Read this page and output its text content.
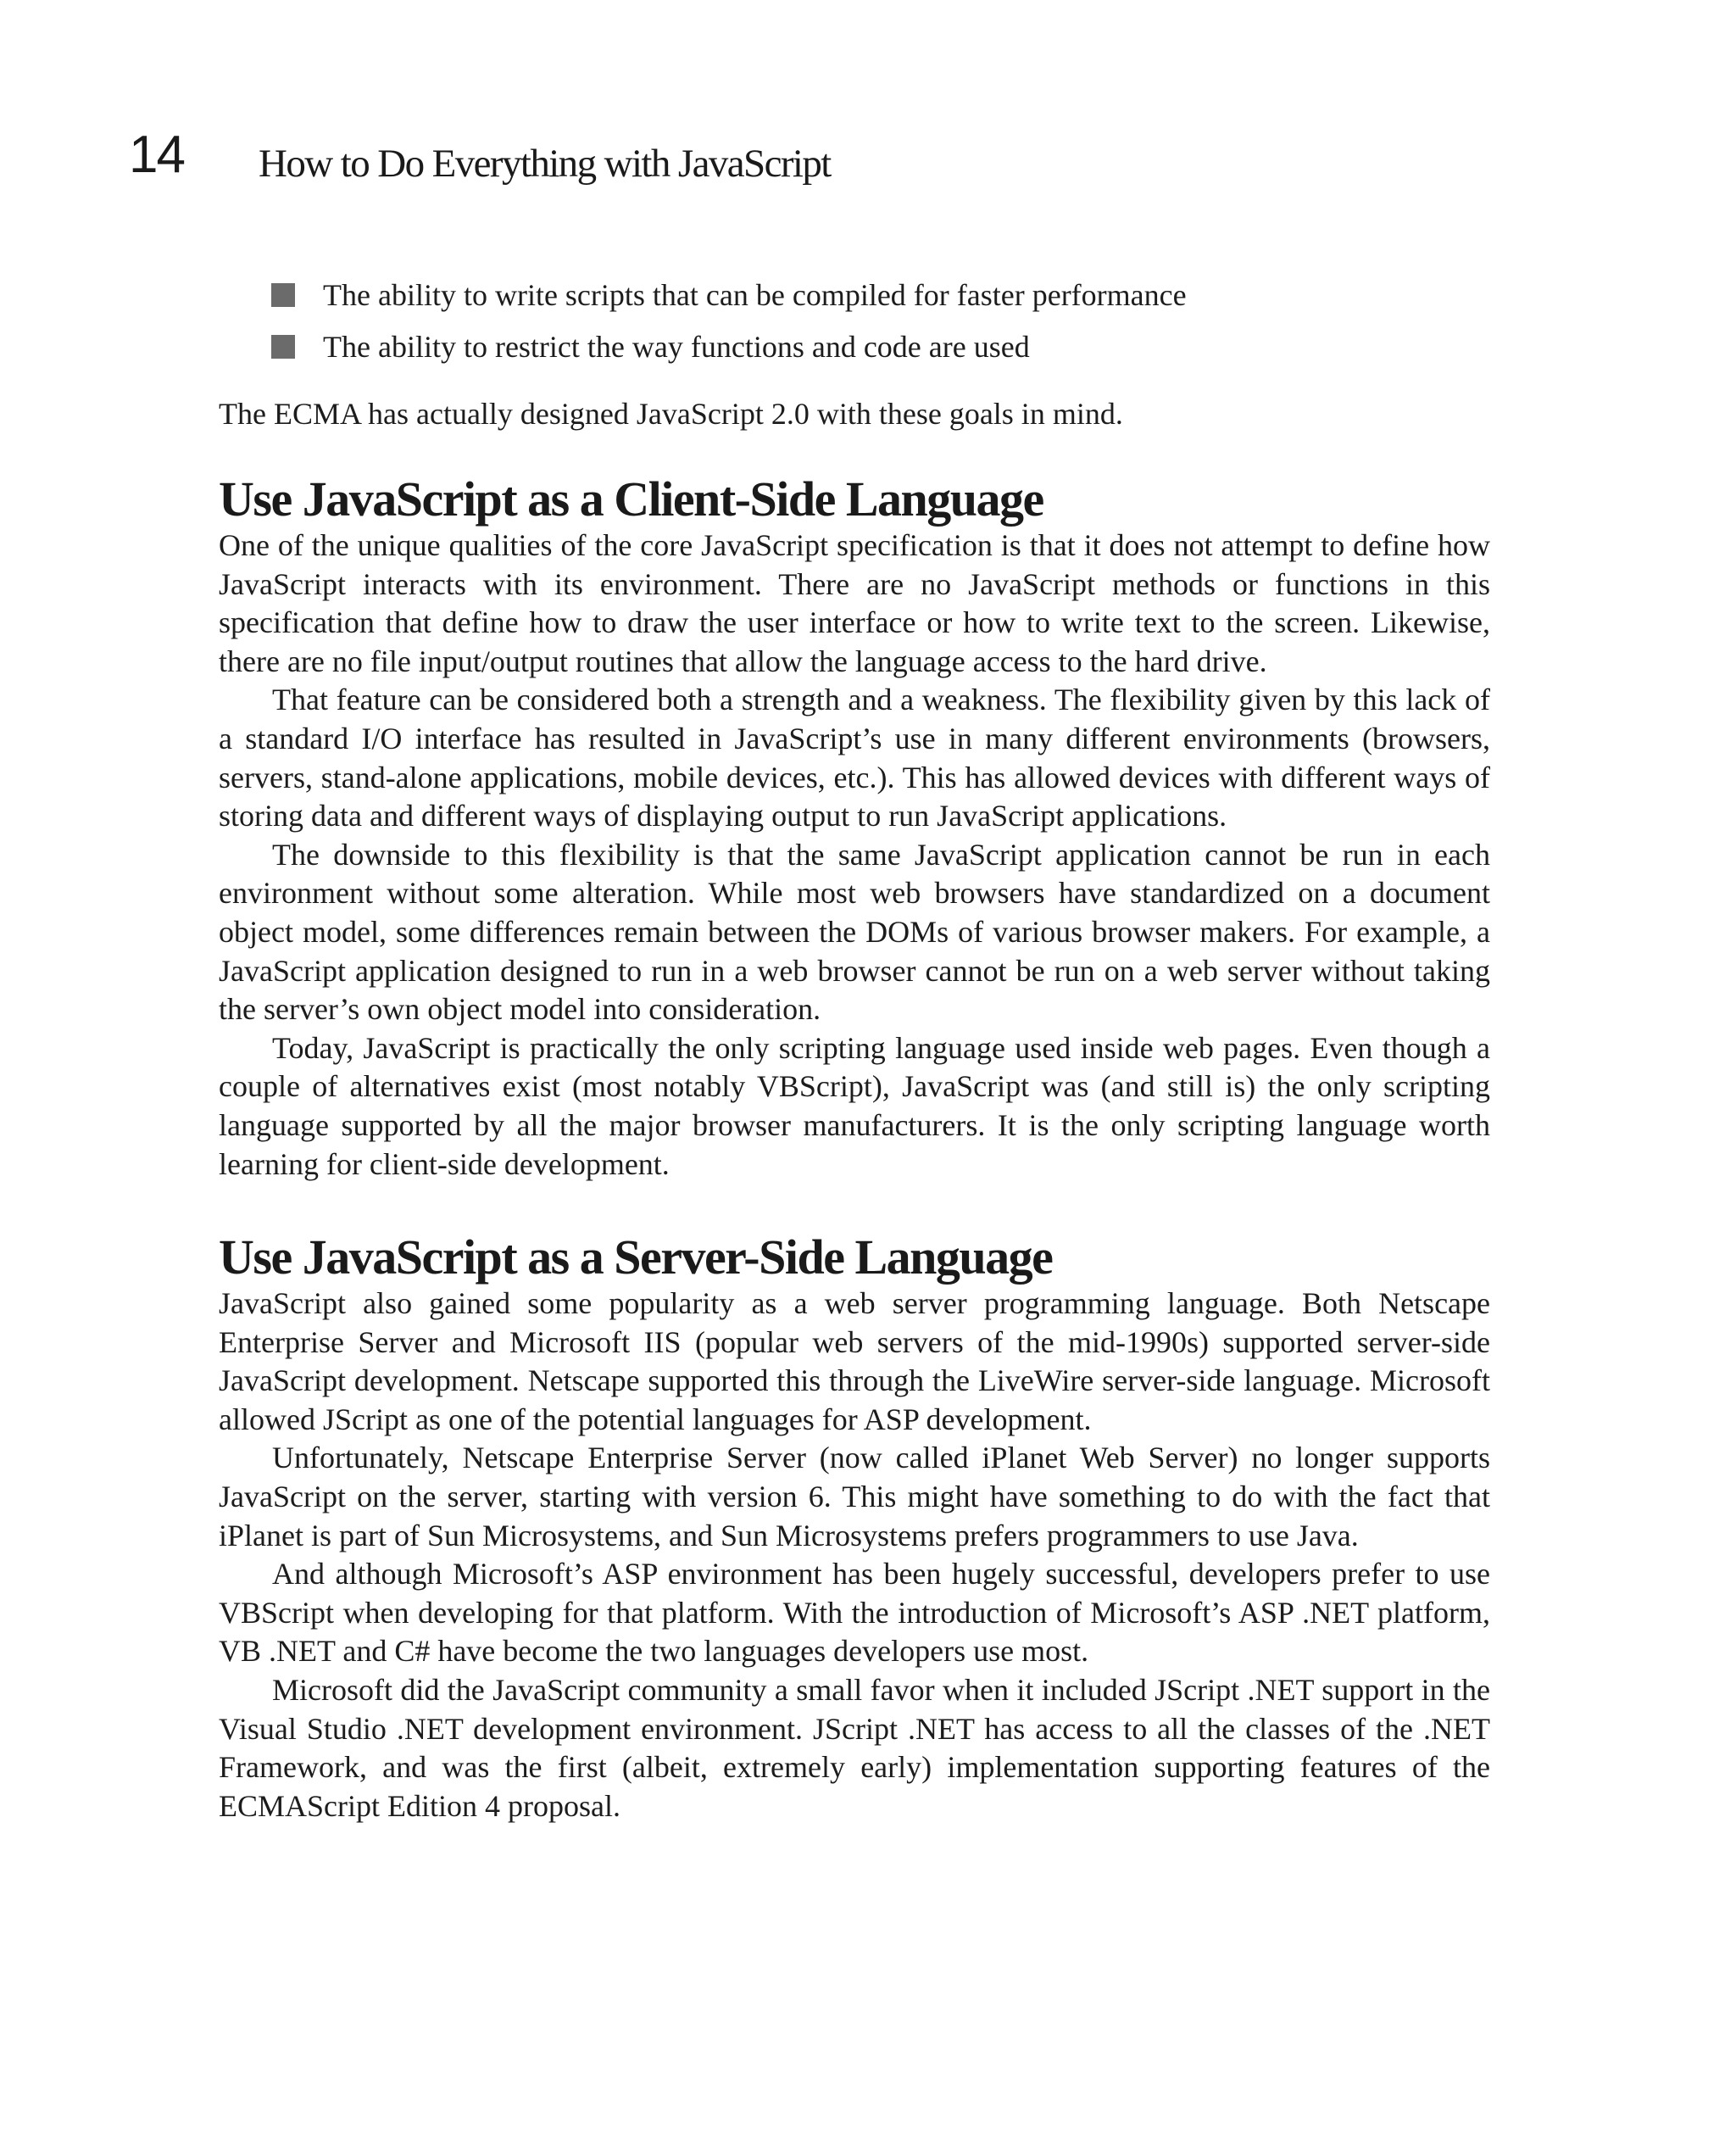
14 How to Do Everything with JavaScript
The ability to write scripts that can be compiled for faster performance
The ability to restrict the way functions and code are used
The ECMA has actually designed JavaScript 2.0 with these goals in mind.
Use JavaScript as a Client-Side Language

One of the unique qualities of the core JavaScript specification is that it does not attempt to define how JavaScript interacts with its environment. There are no JavaScript methods or functions in this specification that define how to draw the user interface or how to write text to the screen. Likewise, there are no file input/output routines that allow the language access to the hard drive.

That feature can be considered both a strength and a weakness. The flexibility given by this lack of a standard I/O interface has resulted in JavaScript’s use in many different environments (browsers, servers, stand-alone applications, mobile devices, etc.). This has allowed devices with different ways of storing data and different ways of displaying output to run JavaScript applications.

The downside to this flexibility is that the same JavaScript application cannot be run in each environment without some alteration. While most web browsers have standardized on a document object model, some differences remain between the DOMs of various browser makers. For example, a JavaScript application designed to run in a web browser cannot be run on a web server without taking the server’s own object model into consideration.

Today, JavaScript is practically the only scripting language used inside web pages. Even though a couple of alternatives exist (most notably VBScript), JavaScript was (and still is) the only scripting language supported by all the major browser manufacturers. It is the only scripting language worth learning for client-side development.

Use JavaScript as a Server-Side Language

JavaScript also gained some popularity as a web server programming language. Both Netscape Enterprise Server and Microsoft IIS (popular web servers of the mid-1990s) supported server-side JavaScript development. Netscape supported this through the LiveWire server-side language. Microsoft allowed JScript as one of the potential languages for ASP development.

Unfortunately, Netscape Enterprise Server (now called iPlanet Web Server) no longer supports JavaScript on the server, starting with version 6. This might have something to do with the fact that iPlanet is part of Sun Microsystems, and Sun Microsystems prefers programmers to use Java.

And although Microsoft’s ASP environment has been hugely successful, developers prefer to use VBScript when developing for that platform. With the introduction of Microsoft’s ASP .NET platform, VB .NET and C# have become the two languages developers use most.

Microsoft did the JavaScript community a small favor when it included JScript .NET support in the Visual Studio .NET development environment. JScript .NET has access to all the classes of the .NET Framework, and was the first (albeit, extremely early) implementation supporting features of the ECMAScript Edition 4 proposal.
